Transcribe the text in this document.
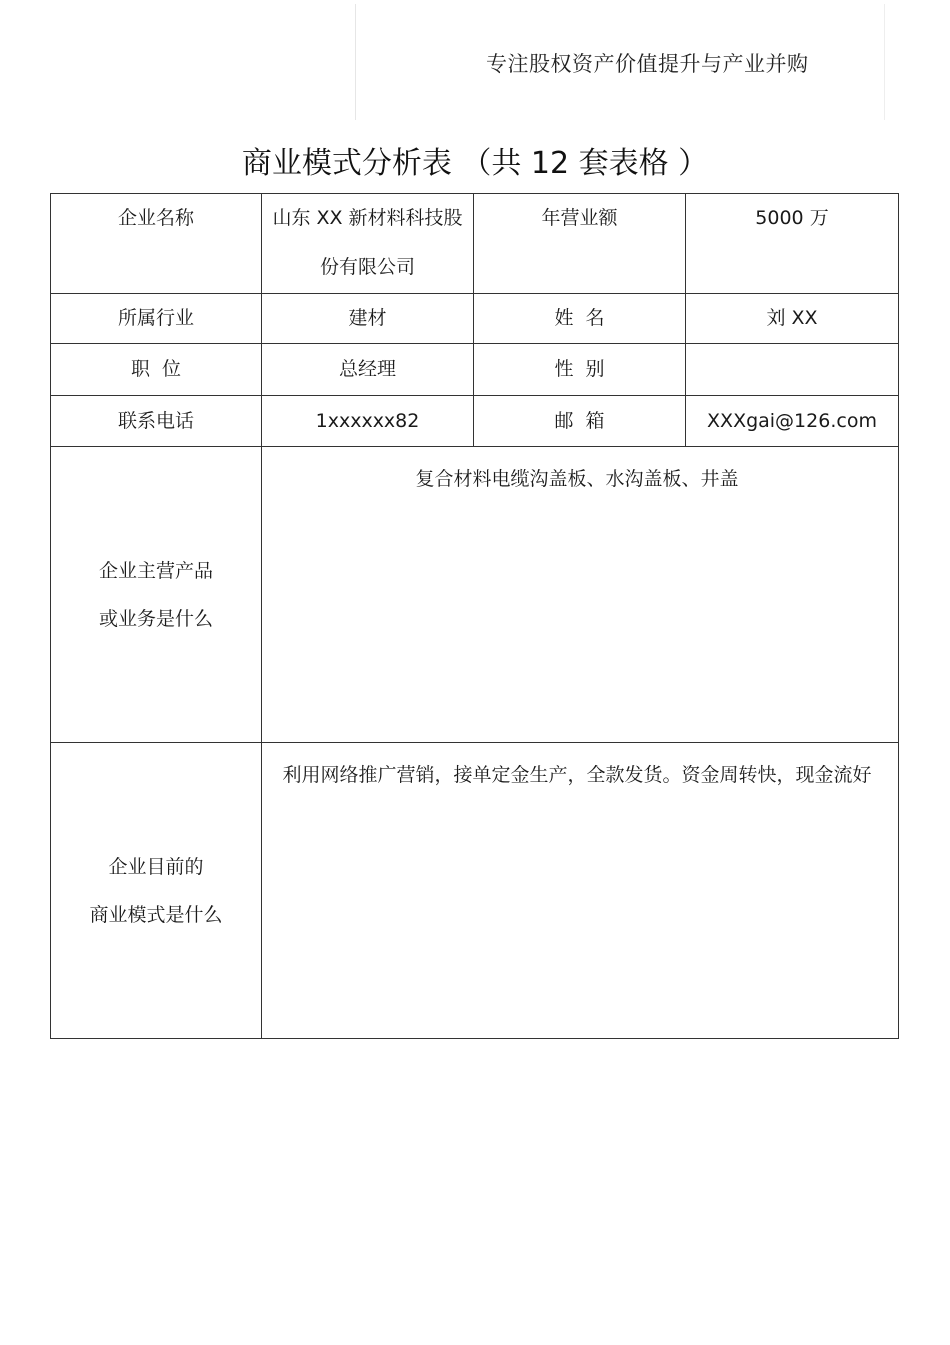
专注股权资产价值提升与产业并购
商业模式分析表 （共 12 套表格 ）
企业名称	山东 XX 新材料科技股份有限公司	年营业额	5000 万

所属行业	建材	姓  名	刘 XX
职  位	总经理	性  别	
联系电话	1xxxxxx82	邮  箱	XXXgai@126.com

企业主营产品
或业务是什么	复合材料电缆沟盖板、水沟盖板、井盖		

企业目前的
商业模式是什么	利用网络推广营销，接单定金生产，全款发货。资金周转快，现金流好		
